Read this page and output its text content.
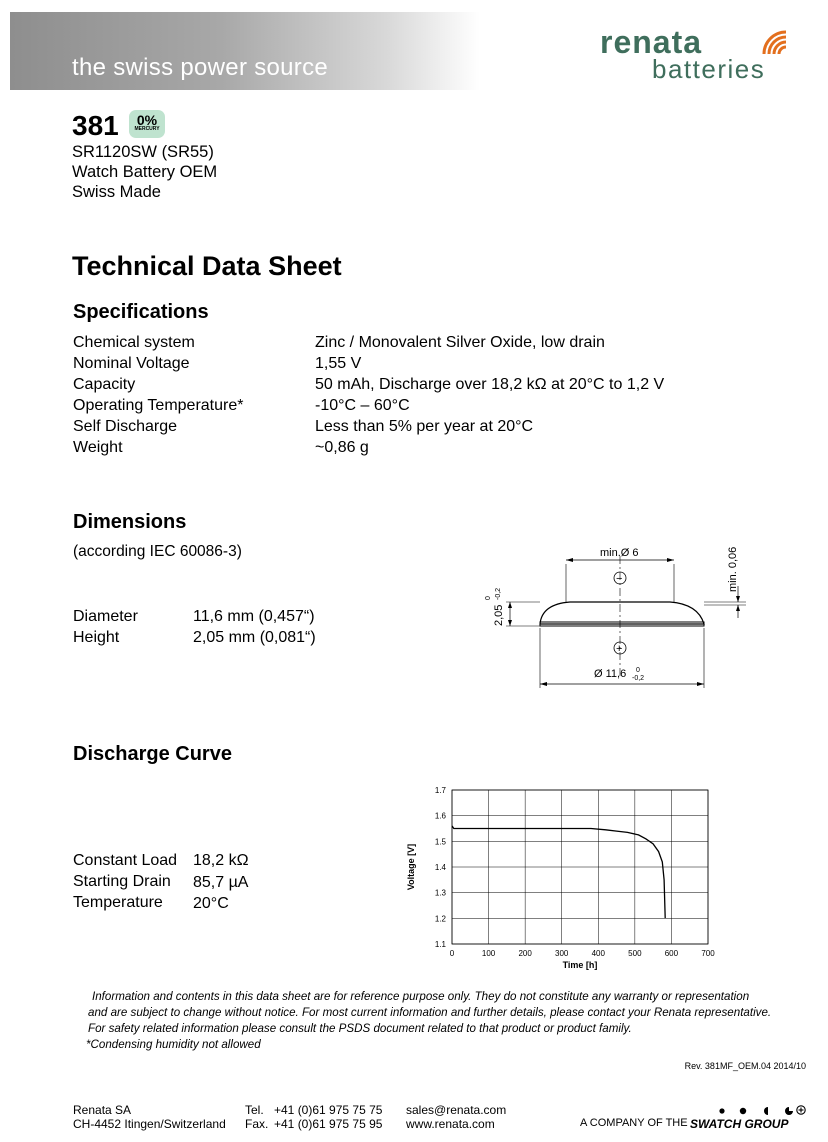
the swiss power source
renata
batteries
381	0%
MERCURY
SR1120SW (SR55)
Watch Battery OEM
Swiss Made
Technical Data Sheet
Specifications
Chemical system	Zinc / Monovalent Silver Oxide, low drain
Nominal Voltage	1,55 V
Capacity	50 mAh, Discharge over 18,2 kΩ at 20°C to 1,2 V
Operating Temperature*	-10°C – 60°C
Self Discharge	Less than 5% per year at 20°C
Weight	~0,86 g
Dimensions
(according IEC 60086-3)
Diameter	11,6 mm (0,457“)
Height	2,05 mm (0,081“)
min.Ø 6
−
+
2,05
0 -0,2
min. 0,06
Ø 11,6 0
-0,2
Discharge Curve
Constant Load 18,2 kΩ
Starting Drain 85,7 µA
Temperature 20°C
0	100	200	300	400	500	600	700
1.1
1.2
1.3
1.4
1.5
1.6
1.7
Time [h]
Voltage [V]
Information and contents in this data sheet are for reference purpose only. They do not constitute any warranty or representation
and are subject to change without notice. For most current information and further details, please contact your Renata representative.
For safety related information please consult the PSDS document related to that product or product family.
*Condensing humidity not allowed
Rev. 381MF_OEM.04 2014/10
Renata SA
CH-4452 Itingen/Switzerland
Tel. +41 (0)61 975 75 75
Fax. +41 (0)61 975 75 95
sales@renata.com
www.renata.com	A COMPANY OF THE SWATCH GROUP
